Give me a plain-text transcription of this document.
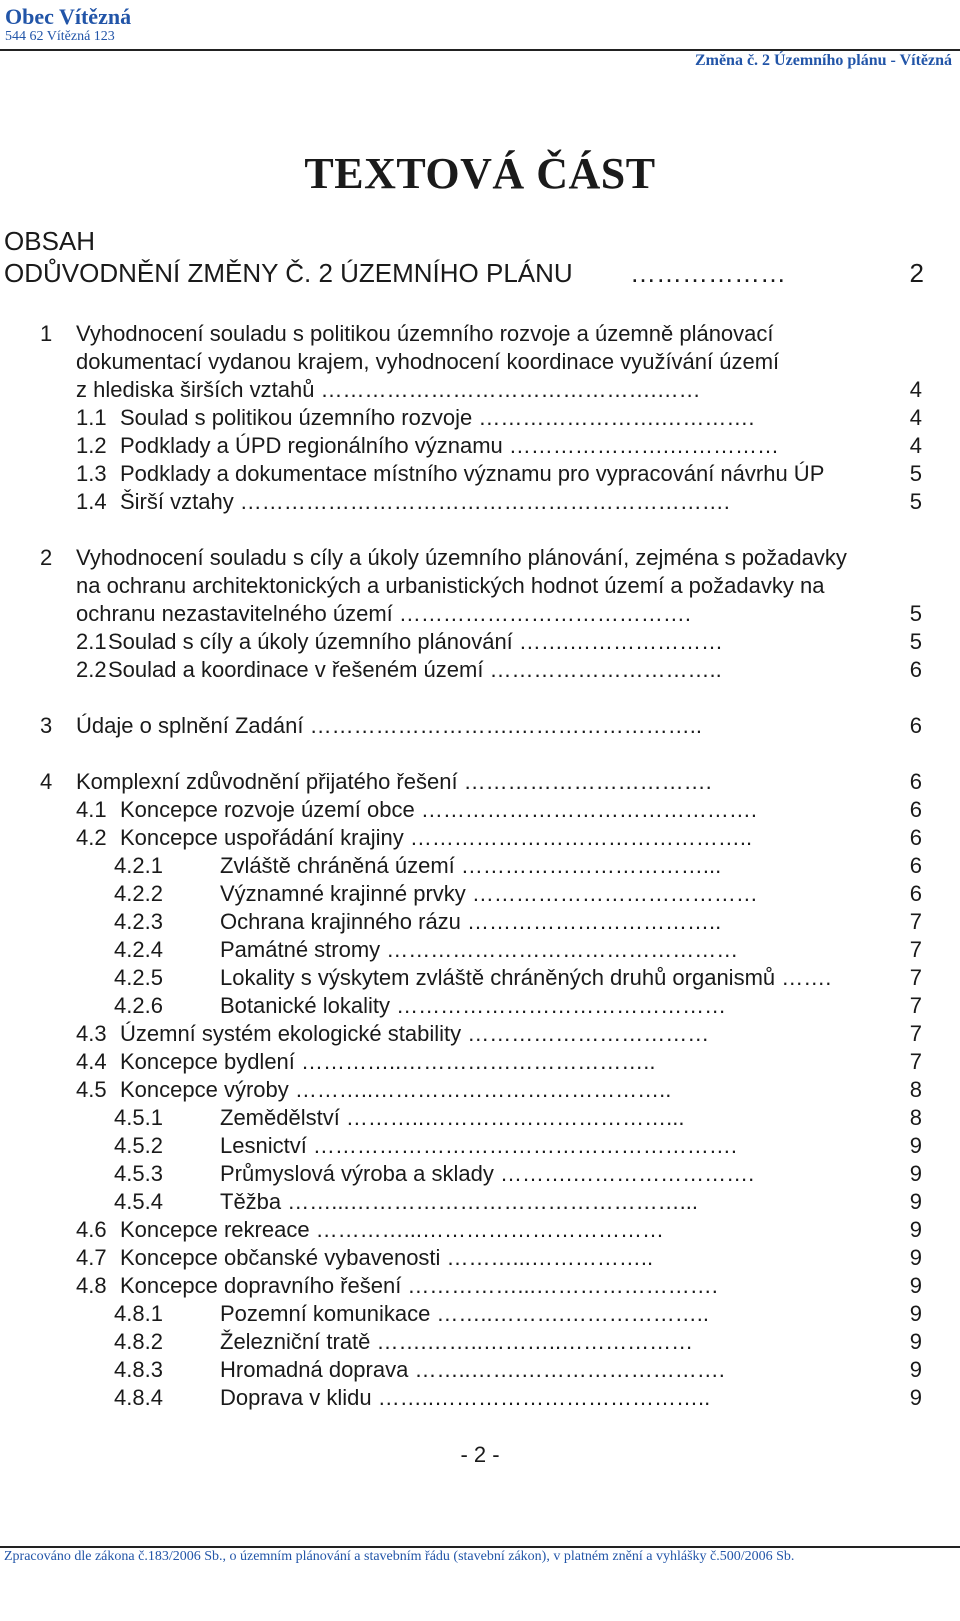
Obec Vítězná
544 62 Vítězná 123
Změna č. 2 Územního plánu - Vítězná
TEXTOVÁ ČÁST
OBSAH
ODŮVODNĚNÍ ZMĚNY Č. 2 ÚZEMNÍHO PLÁNU ………………	2
1 Vyhodnocení souladu s politikou územního rozvoje a územně plánovací
dokumentací vydanou krajem, vyhodnocení koordinace využívání území
z hlediska širších vztahů ……………………………………….……	4
1.1 Soulad s politikou územního rozvoje …………………….………….	4
1.2 Podklady a ÚPD regionálního významu ………………….……………	4
1.3 Podklady a dokumentace místního významu pro vypracování návrhu ÚP	5
1.4 Širší vztahy ………………………………………………………….	5
2 Vyhodnocení souladu s cíly a úkoly územního plánování, zejména s požadavky
na ochranu architektonických a urbanistických hodnot území a požadavky na
ochranu nezastavitelného území ………………………………….	5
2.1 Soulad s cíly a úkoly územního plánování …….…………………	5
2.2 Soulad a koordinace v řešeném území …………………………..	6
3 Údaje o splnění Zadání ……………………….……………………..	6
4 Komplexní zdůvodnění přijatého řešení …………………………….	6
4.1 Koncepce rozvoje území obce ……………………………………….	6
4.2 Koncepce uspořádání krajiny ………………………………………..	6
4.2.1	Zvláště chráněná území ……………………………...	6
4.2.2	Významné krajinné prvky …………………………………	6
4.2.3	Ochrana krajinného rázu ……………………………..	7
4.2.4	Památné stromy …………………………………………	7
4.2.5	Lokality s výskytem zvláště chráněných druhů organismů …….	7
4.2.6	Botanické lokality ………………………………………	7
4.3 Územní systém ekologické stability ……………………………	7
4.4 Koncepce bydlení …………..……………………………..	7
4.5 Koncepce výroby ………..…………………………………..	8
4.5.1	Zemědělství ………..……………………………...	8
4.5.2	Lesnictví ………………………………………………….	9
4.5.3	Průmyslová výroba a sklady ……….…………………….	9
4.5.4	Těžba ……...………………………………………...	9
4.6 Koncepce rekreace …………...……………………………	9
4.7 Koncepce občanské vybavenosti ………...……………..	9
4.8 Koncepce dopravního řešení ……………...…………………….	9
4.8.1	Pozemní komunikace ……..……….………………..	9
4.8.2	Železniční tratě …….……..………..………………	9
4.8.3	Hromadná doprava ……..…….……………………….	9
4.8.4	Doprava v klidu ……..………………………………..	9
- 2 -
Zpracováno dle zákona č.183/2006 Sb., o územním plánování a stavebním řádu (stavební zákon), v platném znění a vyhlášky č.500/2006 Sb.
